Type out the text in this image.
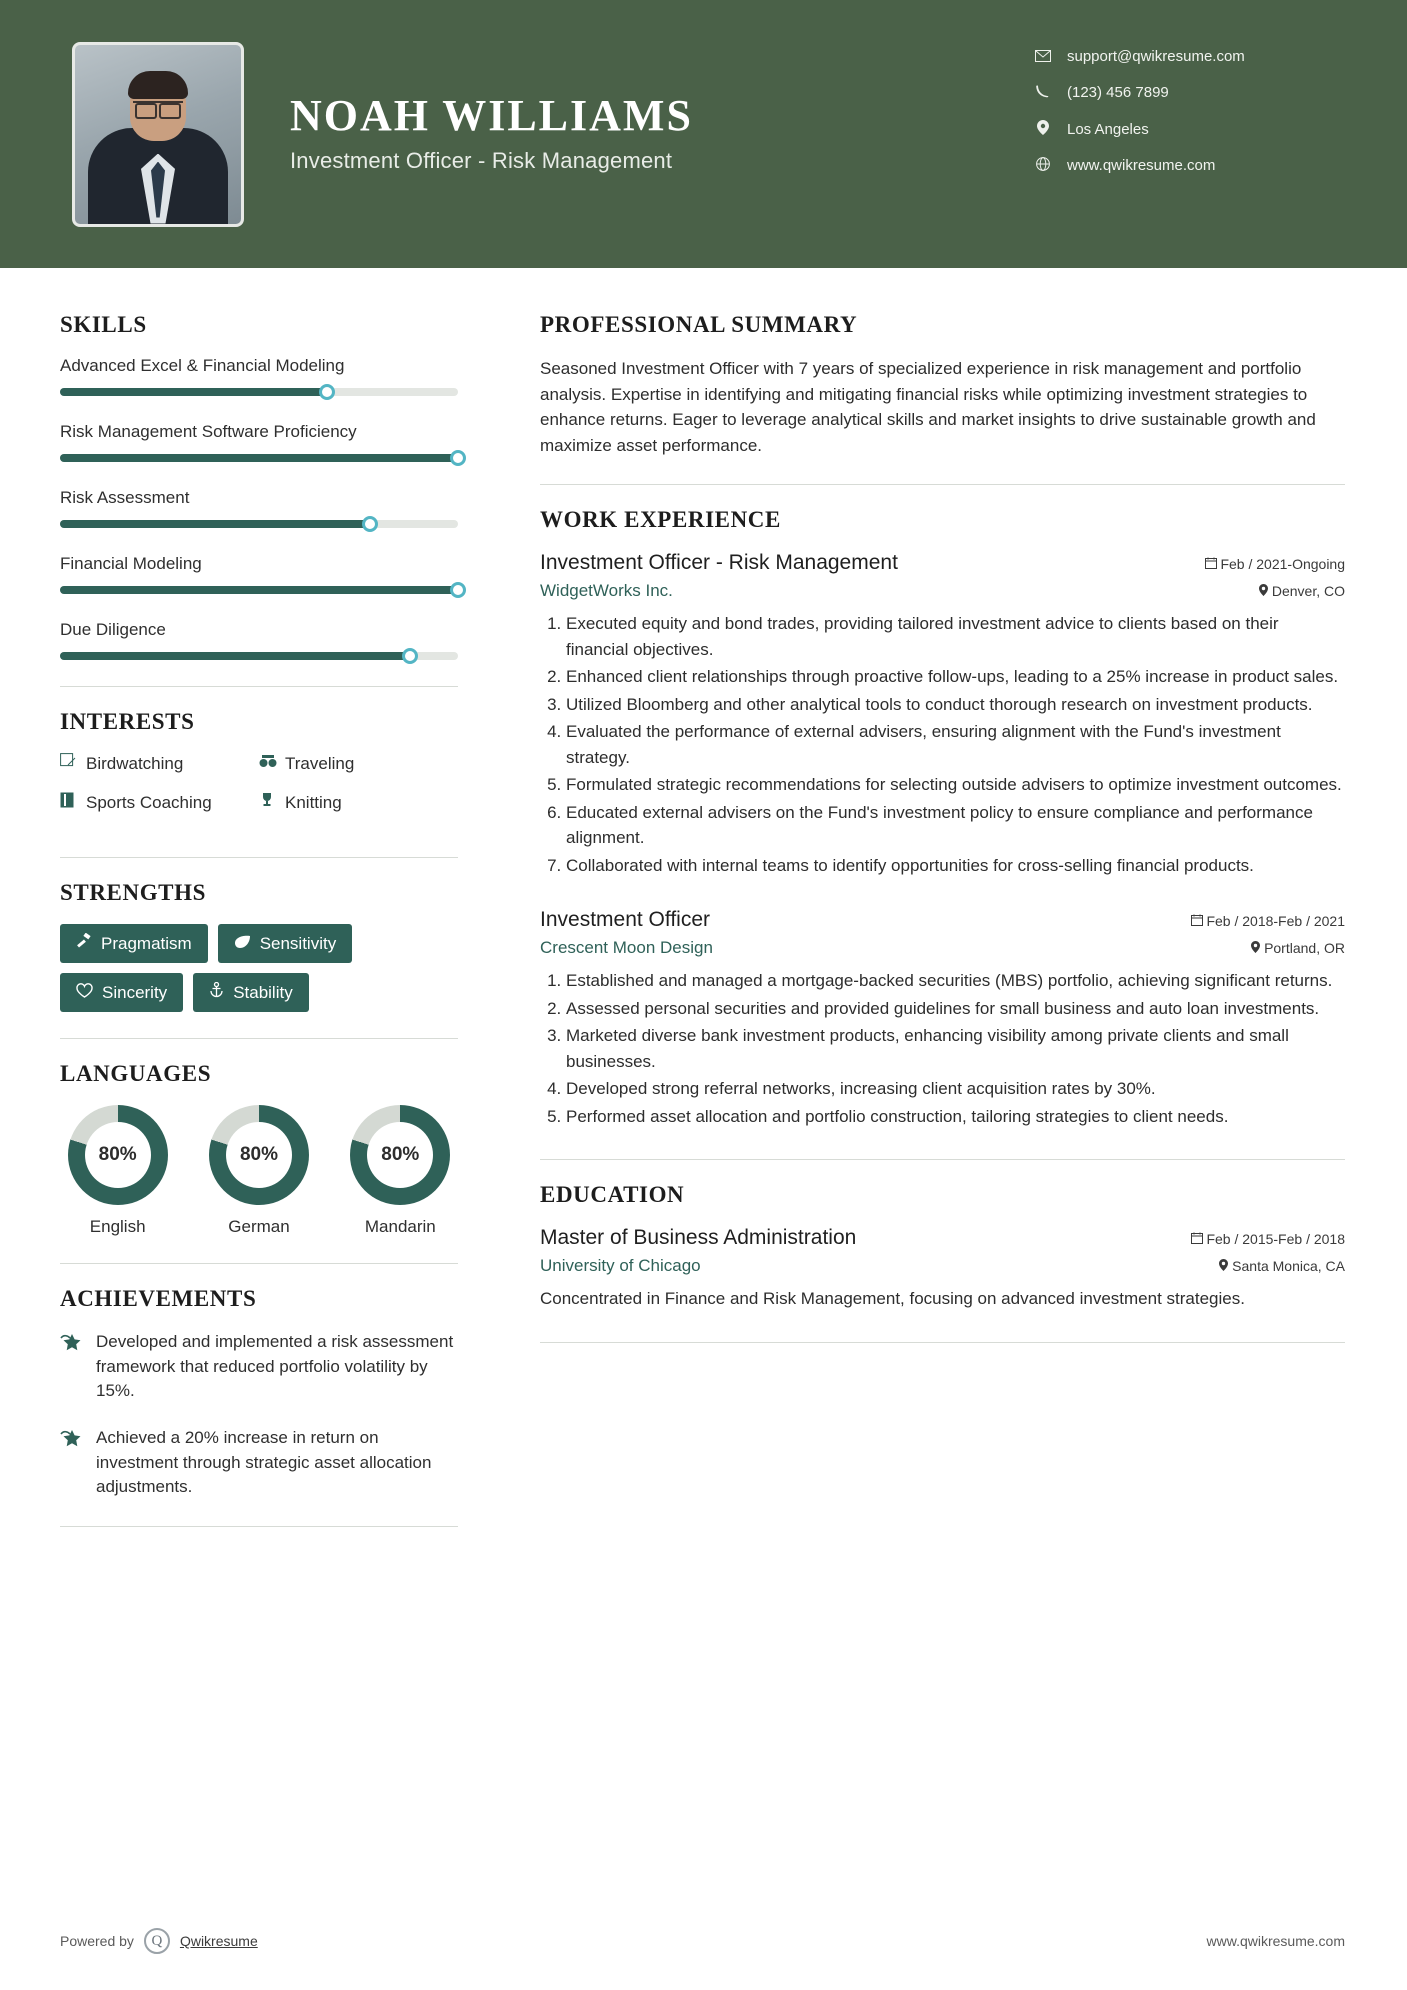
NOAH WILLIAMS
Investment Officer - Risk Management
support@qwikresume.com
(123) 456 7899
Los Angeles
www.qwikresume.com
SKILLS
Advanced Excel & Financial Modeling
Risk Management Software Proficiency
Risk Assessment
Financial Modeling
Due Diligence
INTERESTS
Birdwatching	Traveling
Sports Coaching	Knitting
STRENGTHS
Pragmatism	Sensitivity
Sincerity	Stability
LANGUAGES
80%
English
80%
German
80%
Mandarin
ACHIEVEMENTS
Developed and implemented a risk assessment framework that reduced portfolio volatility by 15%.
Achieved a 20% increase in return on investment through strategic asset allocation adjustments.
PROFESSIONAL SUMMARY
Seasoned Investment Officer with 7 years of specialized experience in risk management and portfolio analysis. Expertise in identifying and mitigating financial risks while optimizing investment strategies to enhance returns. Eager to leverage analytical skills and market insights to drive sustainable growth and maximize asset performance.
WORK EXPERIENCE
Investment Officer - Risk Management	Feb / 2021-Ongoing
WidgetWorks Inc.	Denver, CO
1. Executed equity and bond trades, providing tailored investment advice to clients based on their financial objectives.
2. Enhanced client relationships through proactive follow-ups, leading to a 25% increase in product sales.
3. Utilized Bloomberg and other analytical tools to conduct thorough research on investment products.
4. Evaluated the performance of external advisers, ensuring alignment with the Fund's investment strategy.
5. Formulated strategic recommendations for selecting outside advisers to optimize investment outcomes.
6. Educated external advisers on the Fund's investment policy to ensure compliance and performance alignment.
7. Collaborated with internal teams to identify opportunities for cross-selling financial products.
Investment Officer	Feb / 2018-Feb / 2021
Crescent Moon Design	Portland, OR
1. Established and managed a mortgage-backed securities (MBS) portfolio, achieving significant returns.
2. Assessed personal securities and provided guidelines for small business and auto loan investments.
3. Marketed diverse bank investment products, enhancing visibility among private clients and small businesses.
4. Developed strong referral networks, increasing client acquisition rates by 30%.
5. Performed asset allocation and portfolio construction, tailoring strategies to client needs.
EDUCATION
Master of Business Administration	Feb / 2015-Feb / 2018
University of Chicago	Santa Monica, CA
Concentrated in Finance and Risk Management, focusing on advanced investment strategies.
Powered by	Q	Qwikresume	www.qwikresume.com
